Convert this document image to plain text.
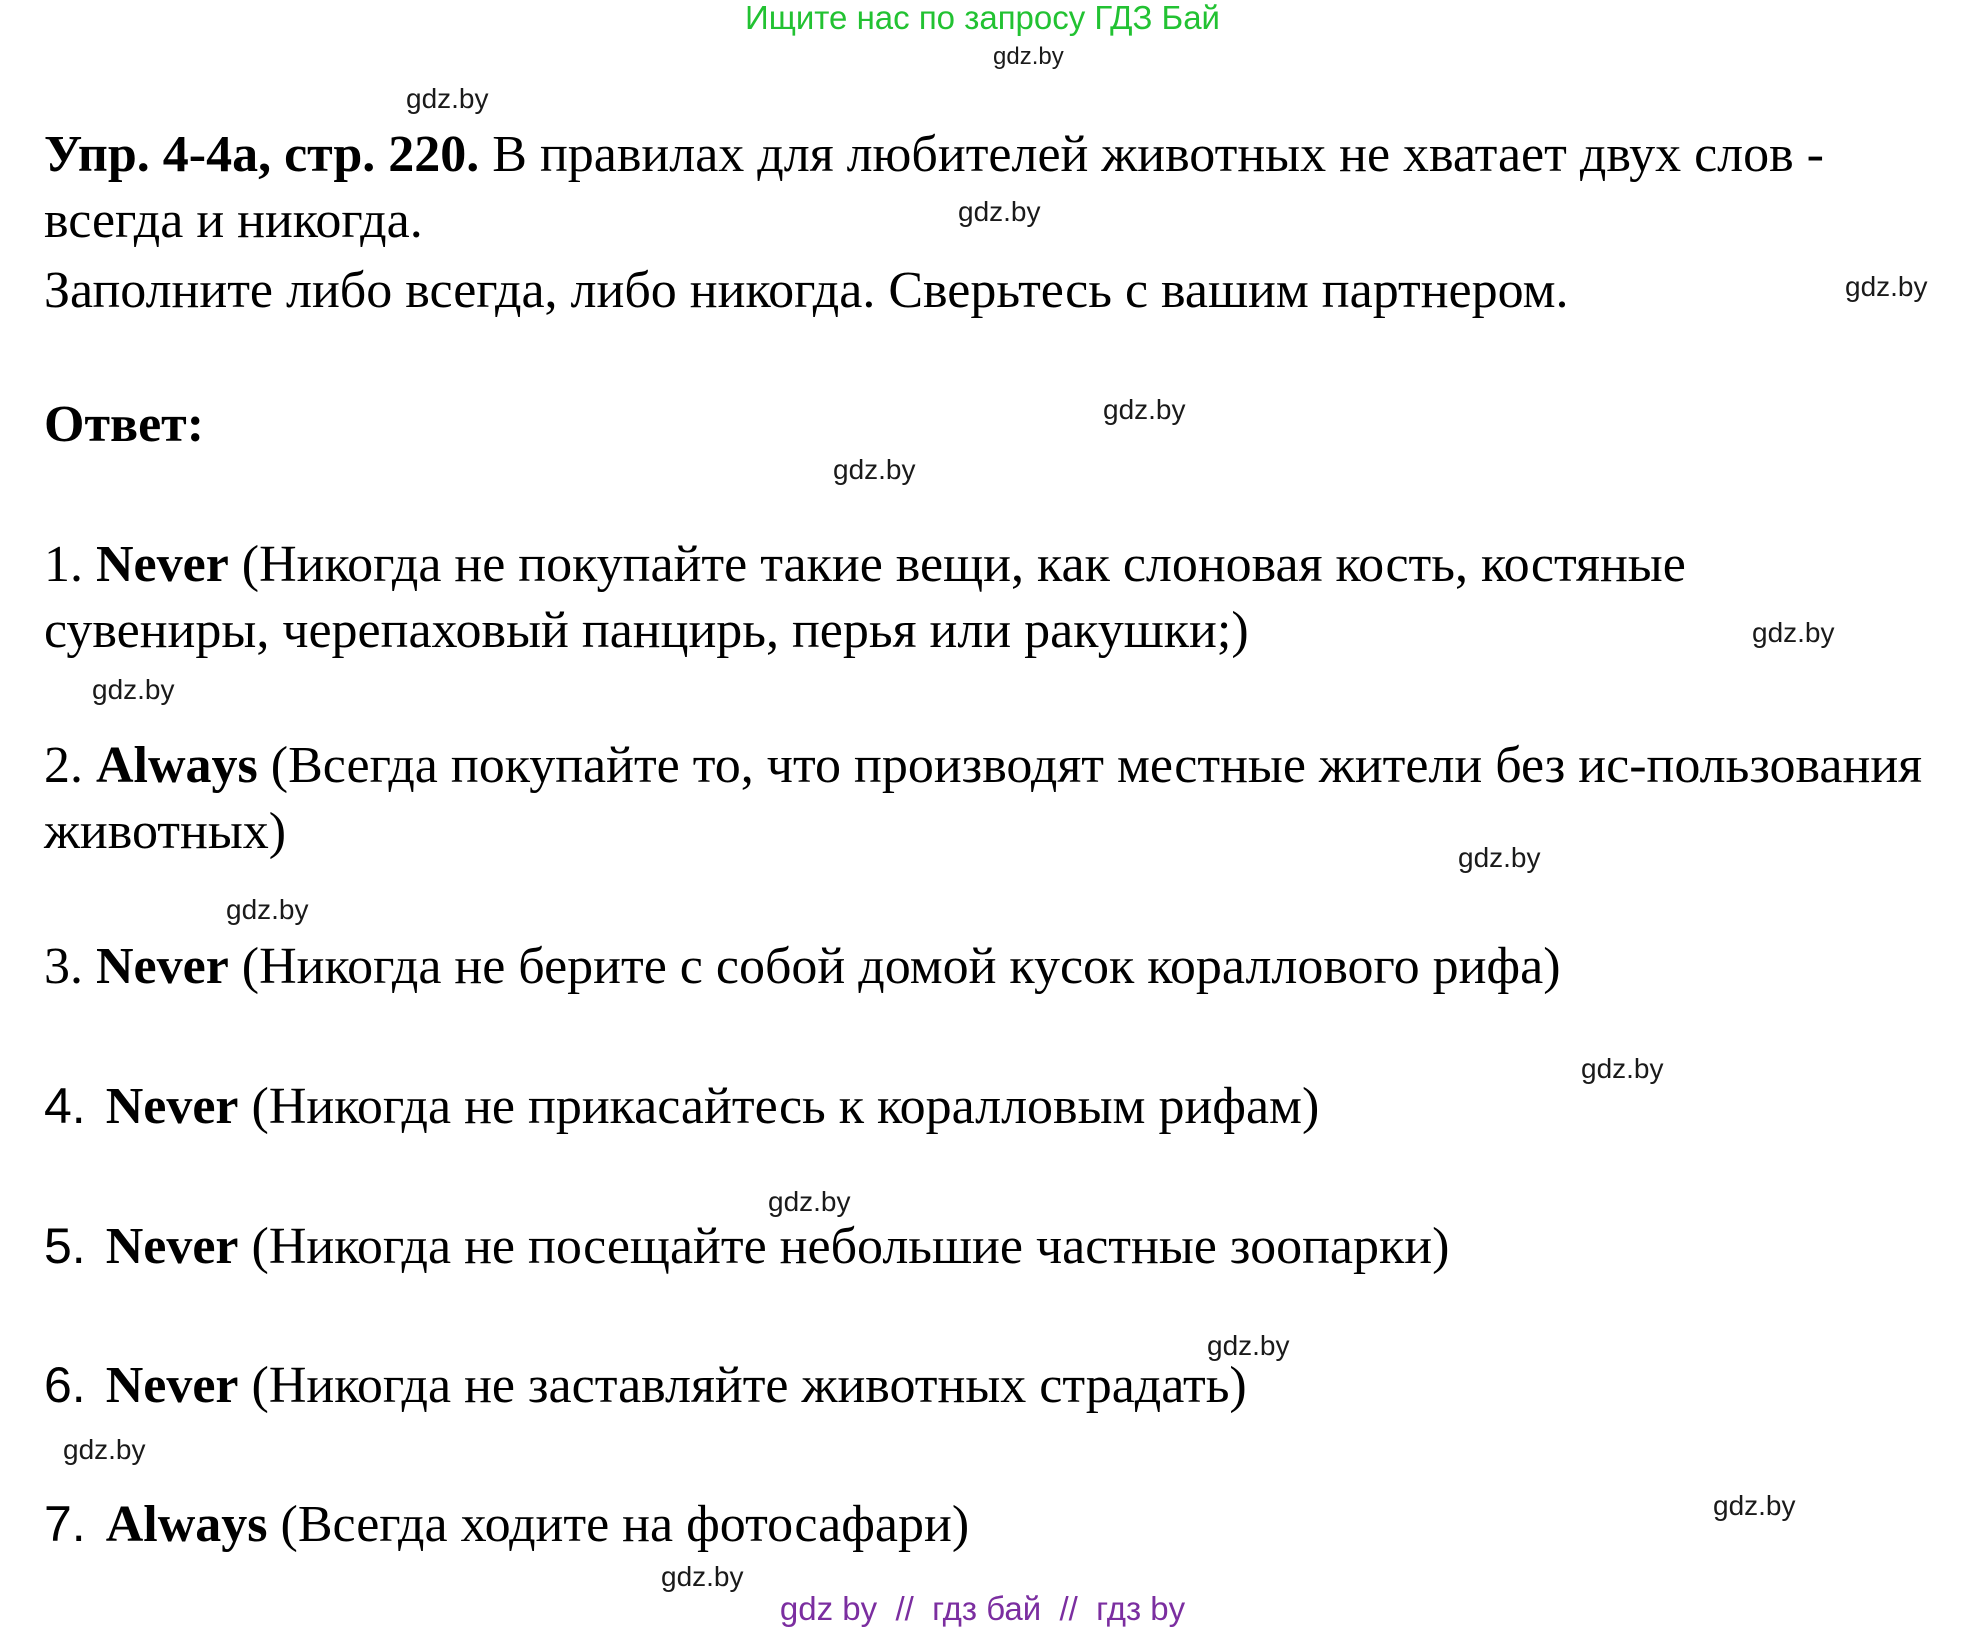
Ищите нас по запросу ГДЗ Бай
gdz.by
gdz.by
gdz.by
gdz.by
gdz.by
gdz.by
gdz.by
gdz.by
gdz.by
gdz.by
gdz.by
gdz.by
gdz.by
gdz.by
gdz.by
gdz.by
Упр. 4-4а, стр. 220. В правилах для любителей животных не хватает двух слов - всегда и никогда.
Заполните либо всегда, либо никогда. Сверьтесь с вашим партнером.
Ответ:
1. Never (Никогда не покупайте такие вещи, как слоновая кость, костяные сувениры, черепаховый панцирь, перья или ракушки;)
2. Always (Всегда покупайте то, что производят местные жители без ис-пользования животных)
3. Never (Никогда не берите с собой домой кусок кораллового рифа)
4. Never (Никогда не прикасайтесь к коралловым рифам)
5. Never (Никогда не посещайте небольшие частные зоопарки)
6. Never (Никогда не заставляйте животных страдать)
7. Always (Всегда ходите на фотосафари)
gdz by  //  гдз бай  //  гдз by
